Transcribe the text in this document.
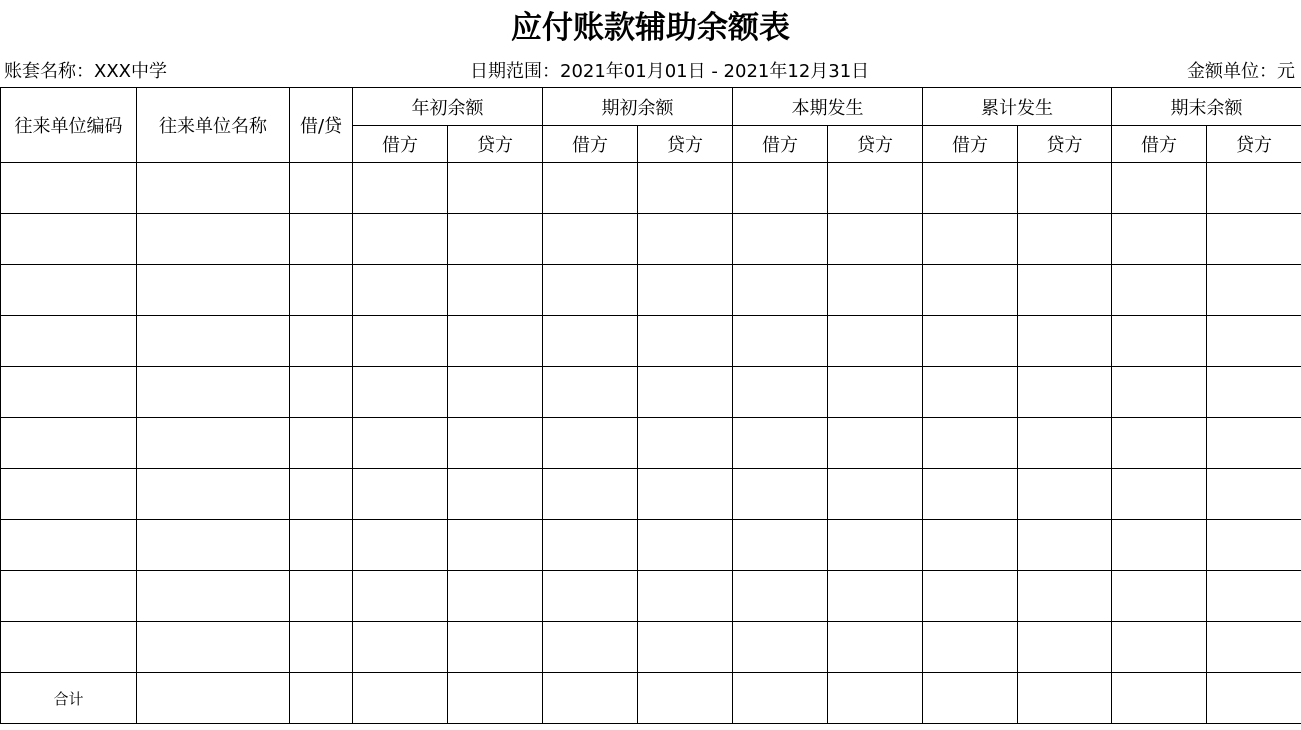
应付账款辅助余额表
账套名称：XXX中学	日期范围：2021年01月01日 - 2021年12月31日	金额单位：元
往来单位编码	往来单位名称	借/贷	年初余额		期初余额		本期发生		累计发生		期末余额	
			借方	贷方	借方	贷方	借方	贷方	借方	贷方	借方	贷方

合计												
